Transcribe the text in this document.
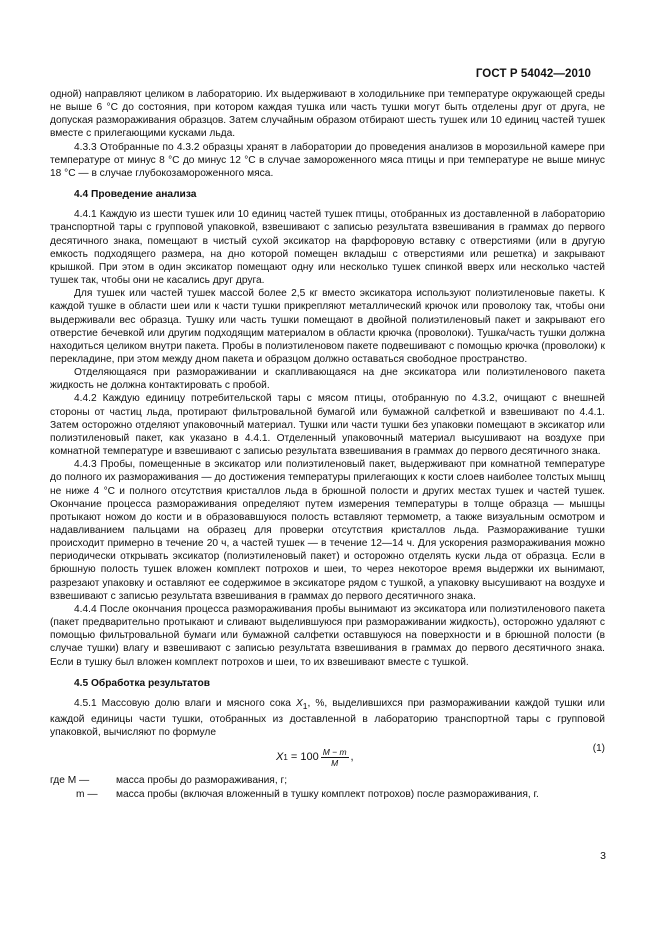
ГОСТ Р 54042—2010

одной) направляют целиком в лабораторию. Их выдерживают в холодильнике при температуре окружающей среды не выше 6 °С до состояния, при котором каждая тушка или часть тушки могут быть отделены друг от друга, не допуская размораживания образцов. Затем случайным образом отбирают шесть тушек или 10 единиц частей тушек вместе с прилегающими кусками льда.

4.3.3 Отобранные по 4.3.2 образцы хранят в лаборатории до проведения анализов в морозильной камере при температуре от минус 8 °С до минус 12 °С в случае замороженного мяса птицы и при температуре не выше минус 18 °С — в случае глубокозамороженного мяса.

4.4 Проведение анализа

4.4.1 Каждую из шести тушек или 10 единиц частей тушек птицы, отобранных из доставленной в лабораторию транспортной тары с групповой упаковкой, взвешивают с записью результата взвешивания в граммах до первого десятичного знака, помещают в чистый сухой эксикатор на фарфоровую вставку с отверстиями (или в другую емкость подходящего размера, на дно которой помещен вкладыш с отверстиями или решетка) и закрывают крышкой. При этом в один эксикатор помещают одну или несколько тушек спинкой вверх или несколько частей тушек так, чтобы они не касались друг друга.

Для тушек или частей тушек массой более 2,5 кг вместо эксикатора используют полиэтиленовые пакеты. К каждой тушке в области шеи или к части тушки прикрепляют металлический крючок или проволоку так, чтобы они выдерживали вес образца. Тушку или часть тушки помещают в двойной полиэтиленовый пакет и закрывают его отверстие бечевкой или другим подходящим материалом в области крючка (проволоки). Тушка/часть тушки должна находиться целиком внутри пакета. Пробы в полиэтиленовом пакете подвешивают с помощью крючка (проволоки) к перекладине, при этом между дном пакета и образцом должно оставаться свободное пространство.

Отделяющаяся при размораживании и скапливающаяся на дне эксикатора или полиэтиленового пакета жидкость не должна контактировать с пробой.

4.4.2 Каждую единицу потребительской тары с мясом птицы, отобранную по 4.3.2, очищают с внешней стороны от частиц льда, протирают фильтровальной бумагой или бумажной салфеткой и взвешивают по 4.4.1. Затем осторожно отделяют упаковочный материал. Тушки или части тушки без упаковки помещают в эксикатор или полиэтиленовый пакет, как указано в 4.4.1. Отделенный упаковочный материал высушивают на воздухе при комнатной температуре и взвешивают с записью результата взвешивания в граммах до первого десятичного знака.

4.4.3 Пробы, помещенные в эксикатор или полиэтиленовый пакет, выдерживают при комнатной температуре до полного их размораживания — до достижения температуры прилегающих к кости слоев наиболее толстых мышц не ниже 4 °С и полного отсутствия кристаллов льда в брюшной полости и других местах тушек и частей тушек. Окончание процесса размораживания определяют путем измерения температуры в толще образца — мышцы протыкают ножом до кости и в образовавшуюся полость вставляют термометр, а также визуальным осмотром и надавливанием пальцами на образец для проверки отсутствия кристаллов льда. Размораживание тушки происходит примерно в течение 20 ч, а частей тушек — в течение 12—14 ч. Для ускорения размораживания можно периодически открывать эксикатор (полиэтиленовый пакет) и осторожно отделять куски льда от образца. Если в брюшную полость тушек вложен комплект потрохов и шеи, то через некоторое время выдержки их вынимают, разрезают упаковку и оставляют ее содержимое в эксикаторе рядом с тушкой, а упаковку высушивают на воздухе и взвешивают с записью результата взвешивания в граммах до первого десятичного знака.

4.4.4 После окончания процесса размораживания пробы вынимают из эксикатора или полиэтиленового пакета (пакет предварительно протыкают и сливают выделившуюся при размораживании жидкость), осторожно удаляют с помощью фильтровальной бумаги или бумажной салфетки оставшуюся на поверхности и в брюшной полости (в случае тушки) влагу и взвешивают с записью результата взвешивания в граммах до первого десятичного знака. Если в тушку был вложен комплект потрохов и шеи, то их взвешивают вместе с тушкой.

4.5 Обработка результатов

4.5.1 Массовую долю влаги и мясного сока $X_1$, %, выделившихся при размораживании каждой тушки или каждой единицы части тушки, отобранных из доставленной в лабораторию транспортной тары с групповой упаковкой, вычисляют по формуле

X $1 = 100 \frac{M - m}{M}$ ,
(1)
где M —	масса пробы до размораживания, г;
m —	масса пробы (включая вложенный в тушку комплект потрохов) после размораживания, г.
3
